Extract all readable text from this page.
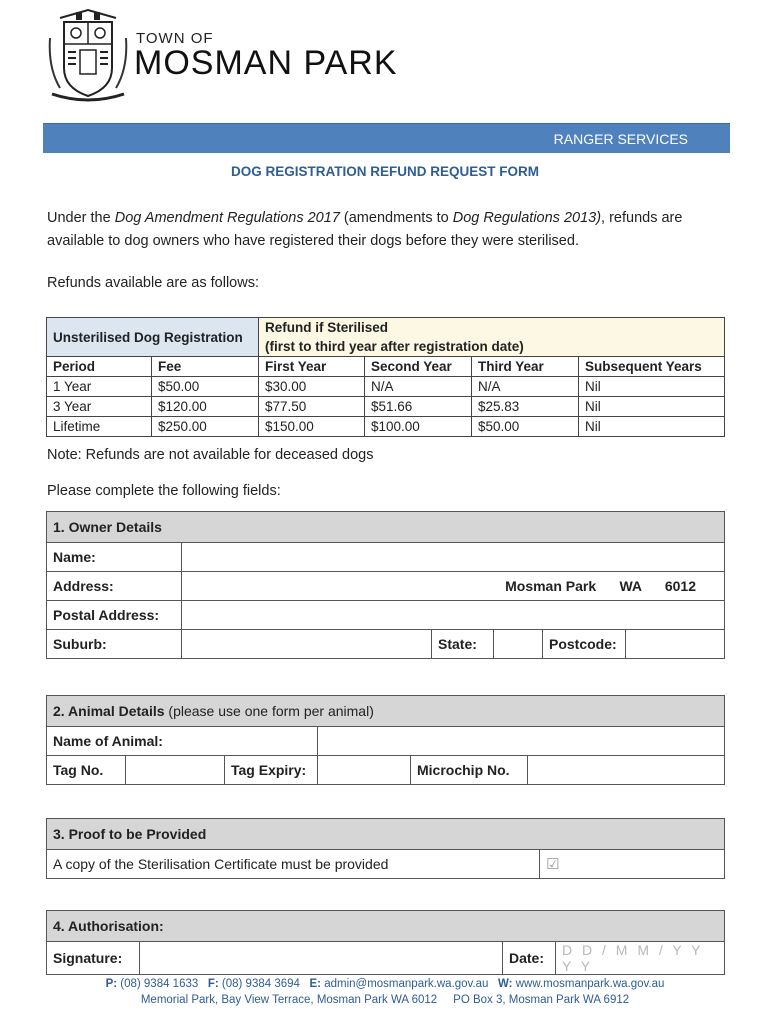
TOWN OF
MOSMAN PARK
RANGER SERVICES
DOG REGISTRATION REFUND REQUEST FORM
Under the Dog Amendment Regulations 2017 (amendments to Dog Regulations 2013), refunds are available to dog owners who have registered their dogs before they were sterilised.
Refunds available are as follows:
Unsterilised Dog Registration		Refund if Sterilised			
		(first to third year after registration date)			
Period	Fee	First Year	Second Year	Third Year	Subsequent Years
1 Year	$50.00	$30.00	N/A	N/A	Nil
3 Year	$120.00	$77.50	$51.66	$25.83	Nil
Lifetime	$250.00	$150.00	$100.00	$50.00	Nil
Note: Refunds are not available for deceased dogs
Please complete the following fields:
1. Owner Details					
Name:					
Address:	Mosman Park      WA      6012				
Postal Address:					
Suburb:		State:		Postcode:	
2. Animal Details (please use one form per animal)					
Name of Animal:					
Tag No.		Tag Expiry:		Microchip No.	
3. Proof to be Provided
A copy of the Sterilisation Certificate must be provided	☑
4. Authorisation:
Signature:		Date:	D D / M M / Y Y Y Y
P: (08) 9384 1633   F: (08) 9384 3694   E: admin@mosmanpark.wa.gov.au   W: www.mosmanpark.wa.gov.au
Memorial Park, Bay View Terrace, Mosman Park WA 6012     PO Box 3, Mosman Park WA 6912
